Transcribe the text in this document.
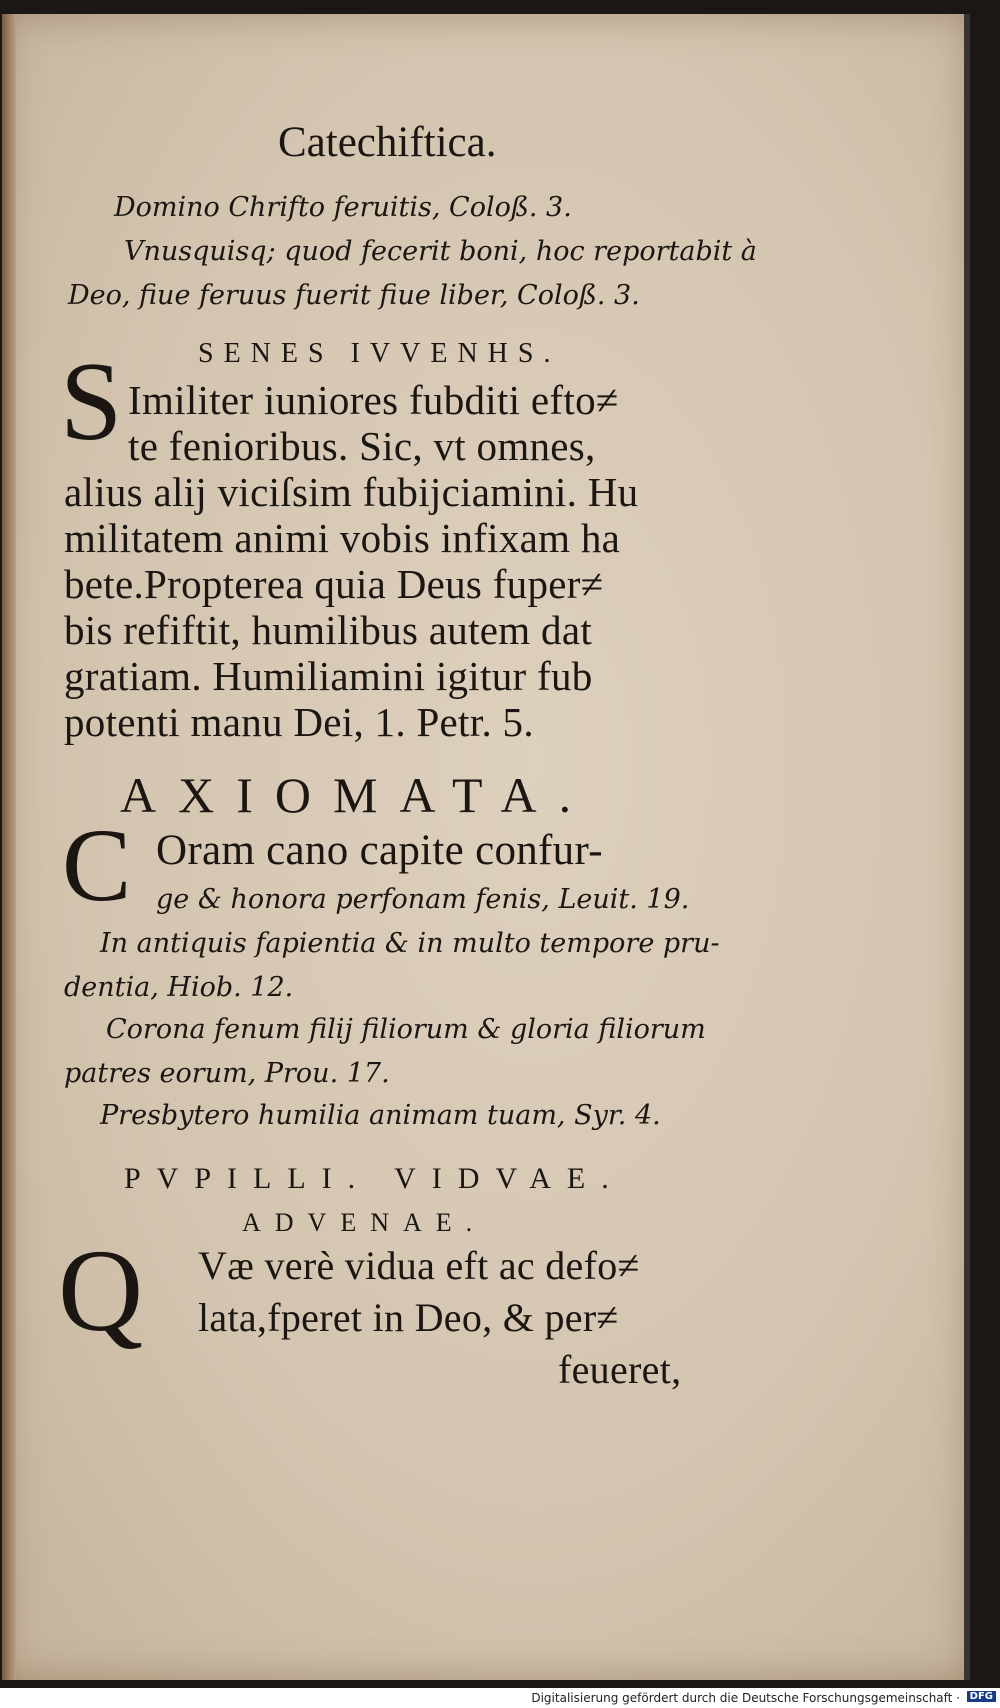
Catechiftica.
Domino Chrifto feruitis, Coloß. 3.
Vnusquisq; quod fecerit boni, hoc reportabit à
Deo, fiue feruus fuerit fiue liber, Coloß. 3.
SENES IVVENHS.
S Imiliter iuniores fubditi efto≠
te fenioribus. Sic, vt omnes,
alius alij viciſsim fubijciamini. Hu
militatem animi vobis infixam ha
bete.Propterea quia Deus fuper≠
bis refiftit, humilibus autem dat
gratiam. Humiliamini igitur fub
potenti manu Dei, 1. Petr. 5.
AXIOMATA.
C Oram cano capite confur-
ge & honora perfonam fenis, Leuit. 19.
In antiquis fapientia & in multo tempore pru-
dentia, Hiob. 12.
Corona fenum filij filiorum & gloria filiorum
patres eorum, Prou. 17.
Presbytero humilia animam tuam, Syr. 4.
PVPILLI. VIDVAE.
ADVENAE.
Q Væ verè vidua eft ac defo≠
lata,fperet in Deo, & per≠
feueret,
Digitalisierung gefördert durch die Deutsche Forschungsgemeinschaft · DFG
